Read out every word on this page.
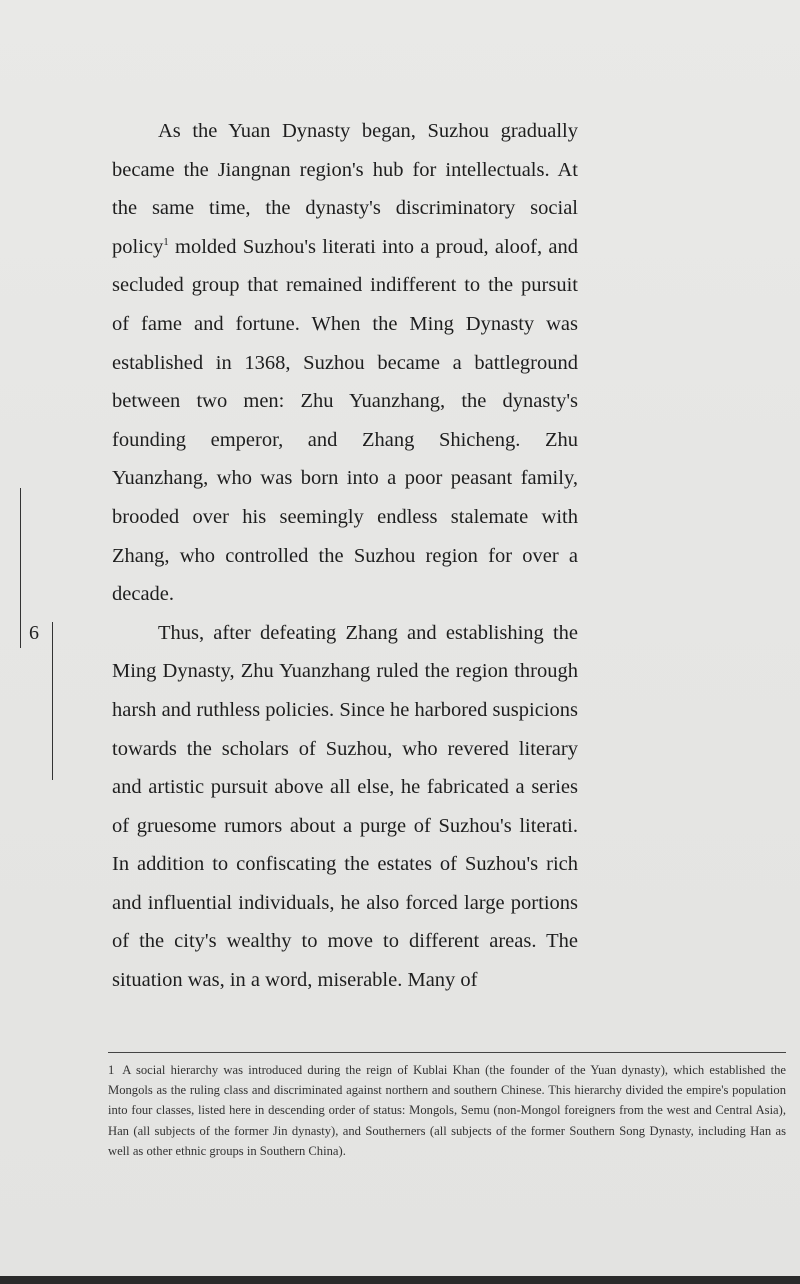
6

As the Yuan Dynasty began, Suzhou gradually became the Jiangnan region's hub for intellectuals. At the same time, the dynasty's discriminatory social policy$^1$ molded Suzhou's literati into a proud, aloof, and secluded group that remained indifferent to the pursuit of fame and fortune. When the Ming Dynasty was established in 1368, Suzhou became a battleground between two men: Zhu Yuanzhang, the dynasty's founding emperor, and Zhang Shicheng. Zhu Yuanzhang, who was born into a poor peasant family, brooded over his seemingly endless stalemate with Zhang, who controlled the Suzhou region for over a decade.

Thus, after defeating Zhang and establishing the Ming Dynasty, Zhu Yuanzhang ruled the region through harsh and ruthless policies. Since he harbored suspicions towards the scholars of Suzhou, who revered literary and artistic pursuit above all else, he fabricated a series of gruesome rumors about a purge of Suzhou's literati. In addition to confiscating the estates of Suzhou's rich and influential individuals, he also forced large portions of the city's wealthy to move to different areas. The situation was, in a word, miserable. Many of

1 A social hierarchy was introduced during the reign of Kublai Khan (the founder of the Yuan dynasty), which established the Mongols as the ruling class and discriminated against northern and southern Chinese. This hierarchy divided the empire's population into four classes, listed here in descending order of status: Mongols, Semu (non-Mongol foreigners from the west and Central Asia), Han (all subjects of the former Jin dynasty), and Southerners (all subjects of the former Southern Song Dynasty, including Han as well as other ethnic groups in Southern China).
